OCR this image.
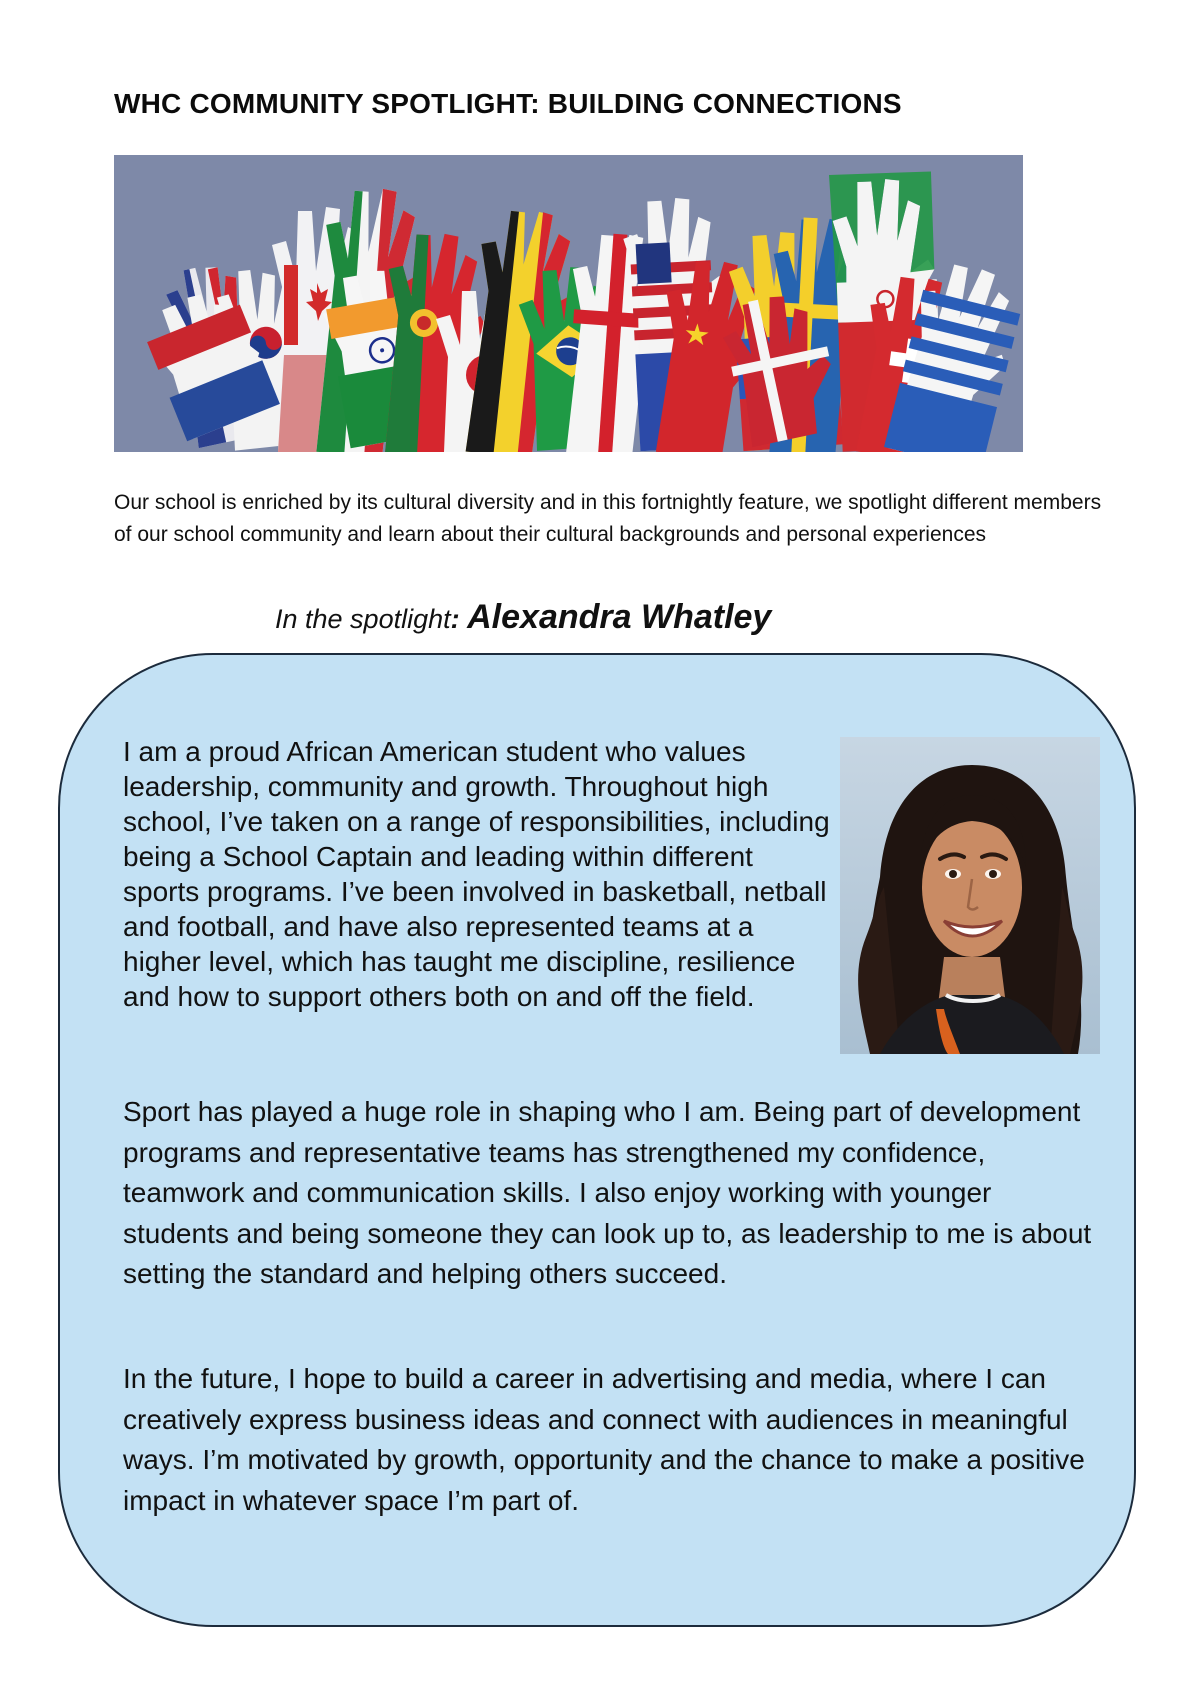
WHC COMMUNITY SPOTLIGHT: BUILDING CONNECTIONS

Our school is enriched by its cultural diversity and in this fortnightly feature, we spotlight different members of our school community and learn about their cultural backgrounds and personal experiences

In the spotlight: Alexandra Whatley

I am a proud African American student who values leadership, community and growth. Throughout high school, I’ve taken on a range of responsibilities, including being a School Captain and leading within different sports programs. I’ve been involved in basketball, netball and football, and have also represented teams at a higher level, which has taught me discipline, resilience and how to support others both on and off the field.

Sport has played a huge role in shaping who I am. Being part of development programs and representative teams has strengthened my confidence, teamwork and communication skills. I also enjoy working with younger students and being someone they can look up to, as leadership to me is about setting the standard and helping others succeed.

In the future, I hope to build a career in advertising and media, where I can creatively express business ideas and connect with audiences in meaningful ways. I’m motivated by growth, opportunity and the chance to make a positive impact in whatever space I’m part of.
